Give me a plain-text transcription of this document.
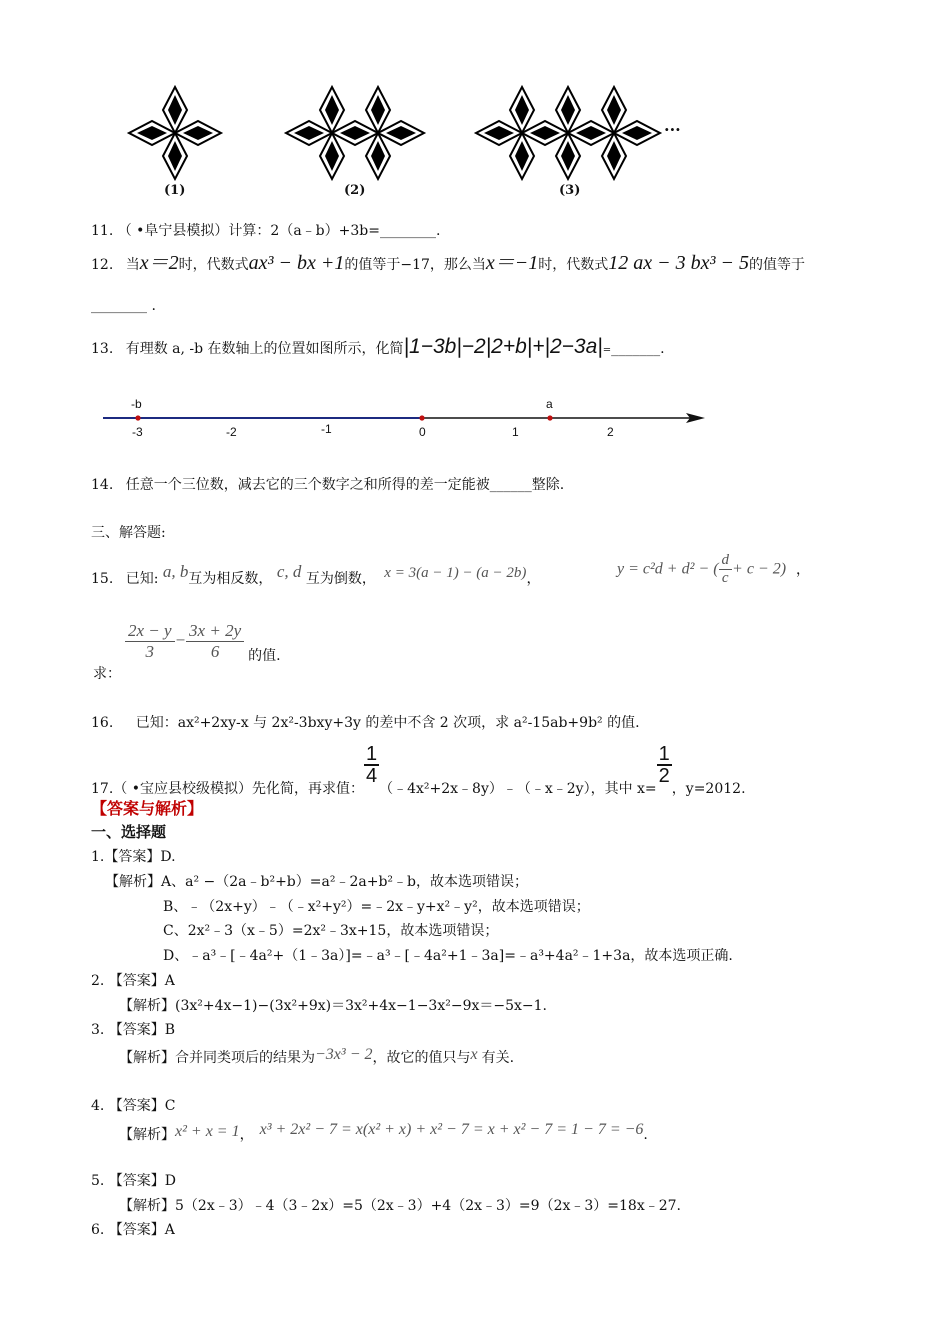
(1)	(2)	(3)
···
11. （ •阜宁县模拟）计算：2（a﹣b）+3b=________.
12. 当x＝2时，代数式ax³ − bx +1的值等于−17，那么当x＝−1时，代数式12 ax − 3 bx³ − 5的值等于
________ .
13. 有理数 a, -b 在数轴上的位置如图所示，化简|1−3b|−2|2+b|+|2−3a|=_______.
-b	a
-3	-2	-1	0	1	2
14. 任意一个三位数，减去它的三个数字之和所得的差一定能被______整除.
三、解答题:
15. 已知: a, b互为相反数， c, d 互为倒数， x = 3(a − 1) − (a − 2b)，
y = c²d + d² − ( $\frac{d}{c} + c - 2$) ，
求：
$\frac{2x - y}{3} - \frac{3x + 2y}{6}$ 的值.
16. 已知：ax²+2xy-x 与 2x²-3bxy+3y 的差中不含 2 次项，求 a²-15ab+9b² 的值.
17.（ •宝应县校级模拟）先化简，再求值：
$\frac{1}{4}$
（﹣4x²+2x﹣8y）﹣（﹣x﹣2y），其中 x=
$\frac{1}{2}$
，y=2012.
【答案与解析】
一、选择题
1.【答案】D.
【解析】A、a² −（2a﹣b²+b）=a²﹣2a+b²﹣b，故本选项错误；
B、﹣（2x+y）﹣（﹣x²+y²）=﹣2x﹣y+x²﹣y²，故本选项错误；
C、2x²﹣3（x﹣5）=2x²﹣3x+15，故本选项错误；
D、﹣a³﹣[﹣4a²+（1﹣3a）]=﹣a³﹣[﹣4a²+1﹣3a]=﹣a³+4a²﹣1+3a，故本选项正确.
2. 【答案】A
【解析】(3x²+4x−1)−(3x²+9x)＝3x²+4x−1−3x²−9x＝−5x−1.
3. 【答案】B
【解析】合并同类项后的结果为−3x³ − 2，故它的值只与x 有关.
4. 【答案】C
【解析】x² + x = 1， x³ + 2x² − 7 = x(x² + x) + x² − 7 = x + x² − 7 = 1 − 7 = −6.
5. 【答案】D
【解析】5（2x﹣3）﹣4（3﹣2x）=5（2x﹣3）+4（2x﹣3）=9（2x﹣3）=18x﹣27.
6. 【答案】A
